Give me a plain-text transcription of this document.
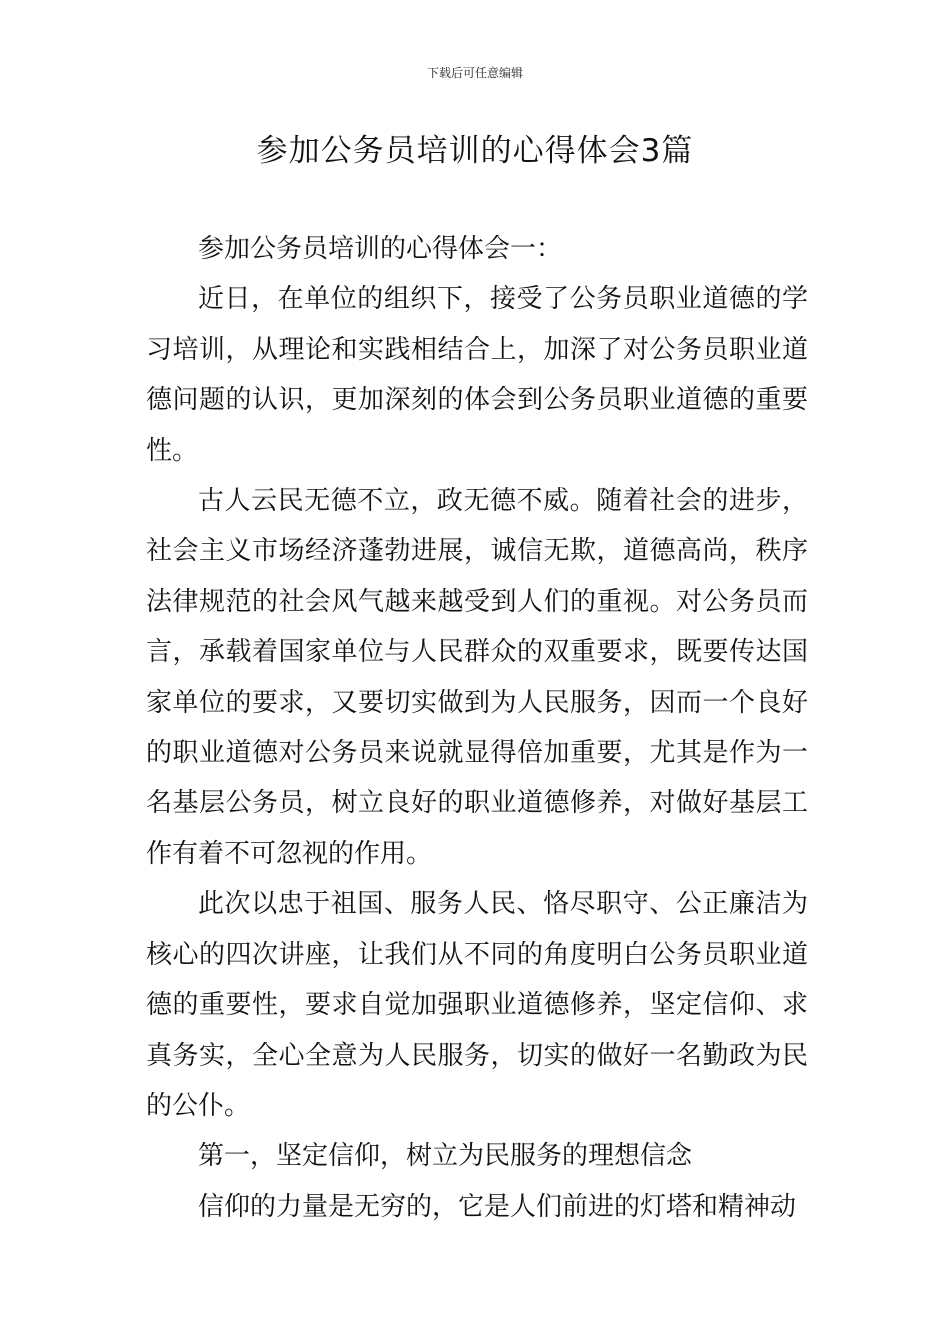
下载后可任意编辑
参加公务员培训的心得体会3篇

参加公务员培训的心得体会一：

近日，在单位的组织下，接受了公务员职业道德的学习培训，从理论和实践相结合上，加深了对公务员职业道德问题的认识，更加深刻的体会到公务员职业道德的重要性。

古人云民无德不立，政无德不威。随着社会的进步，社会主义市场经济蓬勃进展，诚信无欺，道德高尚，秩序法律规范的社会风气越来越受到人们的重视。对公务员而言，承载着国家单位与人民群众的双重要求，既要传达国家单位的要求，又要切实做到为人民服务，因而一个良好的职业道德对公务员来说就显得倍加重要，尤其是作为一名基层公务员，树立良好的职业道德修养，对做好基层工作有着不可忽视的作用。

此次以忠于祖国、服务人民、恪尽职守、公正廉洁为核心的四次讲座，让我们从不同的角度明白公务员职业道德的重要性，要求自觉加强职业道德修养，坚定信仰、求真务实，全心全意为人民服务，切实的做好一名勤政为民的公仆。

第一，坚定信仰，树立为民服务的理想信念

信仰的力量是无穷的，它是人们前进的灯塔和精神动
